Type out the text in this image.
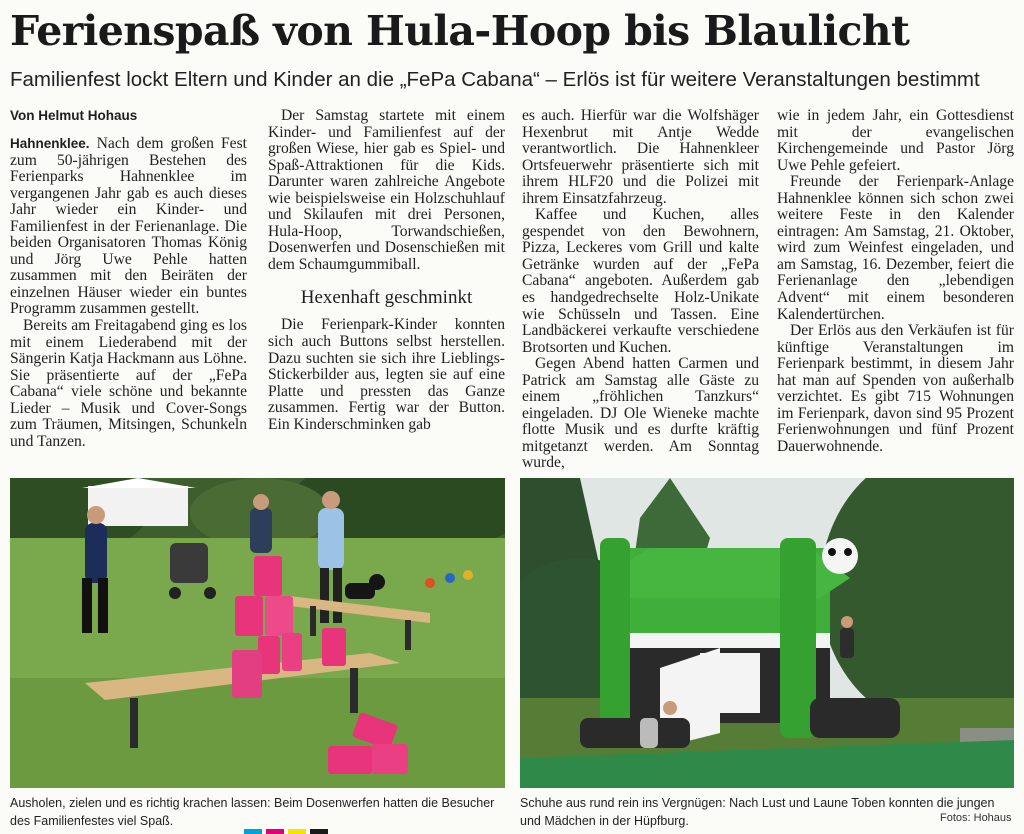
Ferienspaß von Hula-Hoop bis Blaulicht
Familienfest lockt Eltern und Kinder an die „FePa Cabana“ – Erlös ist für weitere Veranstaltungen bestimmt

Von Helmut Hohaus

Hahnenklee. Nach dem großen Fest zum 50-jährigen Bestehen des Ferienparks Hahnenklee im vergangenen Jahr gab es auch dieses Jahr wieder ein Kinder- und Familienfest in der Ferienanlage. Die beiden Organisatoren Thomas König und Jörg Uwe Pehle hatten zusammen mit den Beiräten der einzelnen Häuser wieder ein buntes Programm zusammen gestellt.

Bereits am Freitagabend ging es los mit einem Liederabend mit der Sängerin Katja Hackmann aus Löhne. Sie präsentierte auf der „FePa Cabana“ viele schöne und bekannte Lieder – Musik und Cover-Songs zum Träumen, Mitsingen, Schunkeln und Tanzen.

Der Samstag startete mit einem Kinder- und Familienfest auf der großen Wiese, hier gab es Spiel- und Spaß-Attraktionen für die Kids. Darunter waren zahlreiche Angebote wie beispielsweise ein Holzschuhlauf und Skilaufen mit drei Personen, Hula-Hoop, Torwandschießen, Dosenwerfen und Dosenschießen mit dem Schaumgummiball.

Hexenhaft geschminkt

Die Ferienpark-Kinder konnten sich auch Buttons selbst herstellen. Dazu suchten sie sich ihre Lieblings-Stickerbilder aus, legten sie auf eine Platte und pressten das Ganze zusammen. Fertig war der Button. Ein Kinderschminken gab

es auch. Hierfür war die Wolfshäger Hexenbrut mit Antje Wedde verantwortlich. Die Hahnenkleer Ortsfeuerwehr präsentierte sich mit ihrem HLF20 und die Polizei mit ihrem Einsatzfahrzeug.

Kaffee und Kuchen, alles gespendet von den Bewohnern, Pizza, Leckeres vom Grill und kalte Getränke wurden auf der „FePa Cabana“ angeboten. Außerdem gab es handgedrechselte Holz-Unikate wie Schüsseln und Tassen. Eine Landbäckerei verkaufte verschiedene Brotsorten und Kuchen.

Gegen Abend hatten Carmen und Patrick am Samstag alle Gäste zu einem „fröhlichen Tanzkurs“ eingeladen. DJ Ole Wieneke machte flotte Musik und es durfte kräftig mitgetanzt werden. Am Sonntag wurde,

wie in jedem Jahr, ein Gottesdienst mit der evangelischen Kirchengemeinde und Pastor Jörg Uwe Pehle gefeiert.

Freunde der Ferienpark-Anlage Hahnenklee können sich schon zwei weitere Feste in den Kalender eintragen: Am Samstag, 21. Oktober, wird zum Weinfest eingeladen, und am Samstag, 16. Dezember, feiert die Ferienanlage den „lebendigen Advent“ mit einem besonderen Kalendertürchen.

Der Erlös aus den Verkäufen ist für künftige Veranstaltungen im Ferienpark bestimmt, in diesem Jahr hat man auf Spenden von außerhalb verzichtet. Es gibt 715 Wohnungen im Ferienpark, davon sind 95 Prozent Ferienwohnungen und fünf Prozent Dauerwohnende.

Ausholen, zielen und es richtig krachen lassen: Beim Dosenwerfen hatten die Besucher des Familienfestes viel Spaß.
Schuhe aus rund rein ins Vergnügen: Nach Lust und Laune Toben konnten die jungen und Mädchen in der Hüpfburg.	Fotos: Hohaus
